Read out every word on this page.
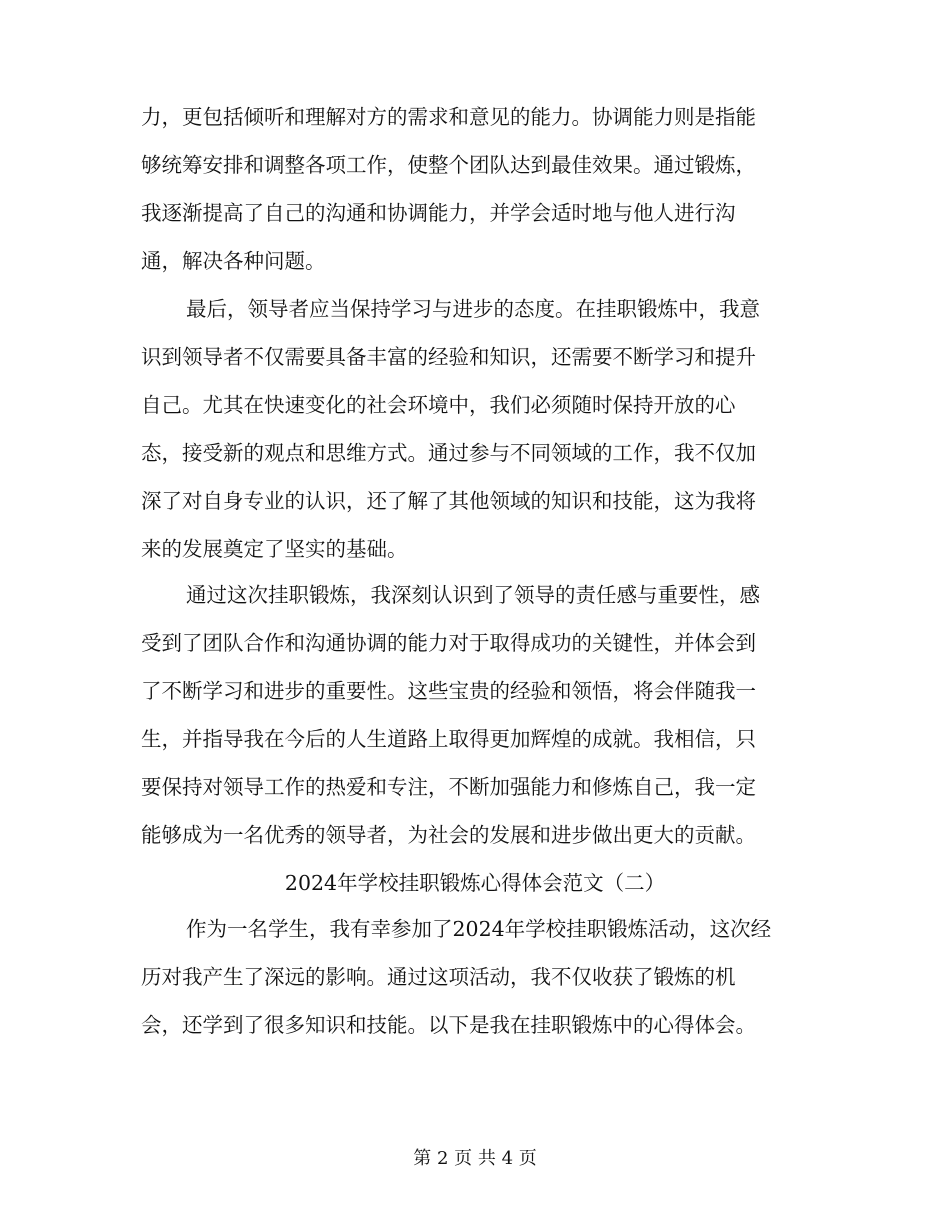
力，更包括倾听和理解对方的需求和意见的能力。协调能力则是指能
够统筹安排和调整各项工作，使整个团队达到最佳效果。通过锻炼，
我逐渐提高了自己的沟通和协调能力，并学会适时地与他人进行沟
通，解决各种问题。
最后，领导者应当保持学习与进步的态度。在挂职锻炼中，我意
识到领导者不仅需要具备丰富的经验和知识，还需要不断学习和提升
自己。尤其在快速变化的社会环境中，我们必须随时保持开放的心
态，接受新的观点和思维方式。通过参与不同领域的工作，我不仅加
深了对自身专业的认识，还了解了其他领域的知识和技能，这为我将
来的发展奠定了坚实的基础。
通过这次挂职锻炼，我深刻认识到了领导的责任感与重要性，感
受到了团队合作和沟通协调的能力对于取得成功的关键性，并体会到
了不断学习和进步的重要性。这些宝贵的经验和领悟，将会伴随我一
生，并指导我在今后的人生道路上取得更加辉煌的成就。我相信，只
要保持对领导工作的热爱和专注，不断加强能力和修炼自己，我一定
能够成为一名优秀的领导者，为社会的发展和进步做出更大的贡献。
2024年学校挂职锻炼心得体会范文（二）
作为一名学生，我有幸参加了2024年学校挂职锻炼活动，这次经
历对我产生了深远的影响。通过这项活动，我不仅收获了锻炼的机
会，还学到了很多知识和技能。以下是我在挂职锻炼中的心得体会。
第 2 页 共 4 页
